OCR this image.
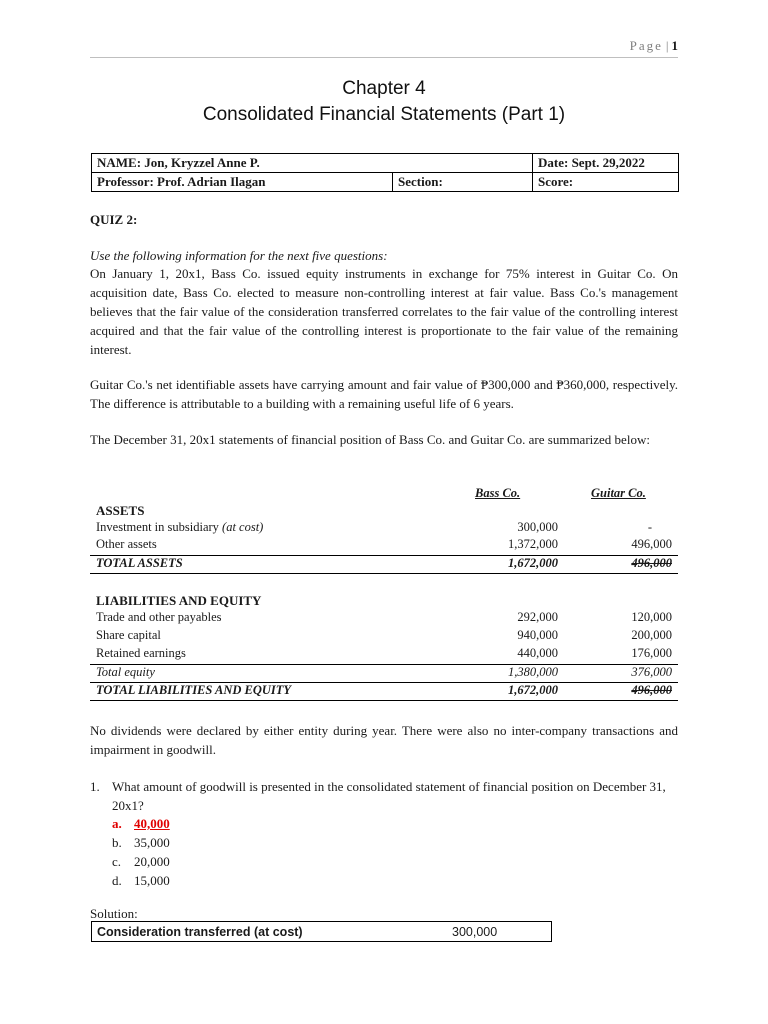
Page | 1
Chapter 4
Consolidated Financial Statements (Part 1)
NAME: Jon, Kryzzel Anne P.		Date: Sept. 29,2022
Professor: Prof. Adrian Ilagan	Section:	Score:
QUIZ 2:
Use the following information for the next five questions:
On January 1, 20x1, Bass Co. issued equity instruments in exchange for 75% interest in Guitar Co. On acquisition date, Bass Co. elected to measure non-controlling interest at fair value. Bass Co.'s management believes that the fair value of the consideration transferred correlates to the fair value of the controlling interest acquired and that the fair value of the controlling interest is proportionate to the fair value of the remaining interest.
Guitar Co.'s net identifiable assets have carrying amount and fair value of ₱300,000 and ₱360,000, respectively. The difference is attributable to a building with a remaining useful life of 6 years.
The December 31, 20x1 statements of financial position of Bass Co. and Guitar Co. are summarized below:
Bass Co.	Guitar Co.
ASSETS
Investment in subsidiary (at cost)	300,000	-
Other assets	1,372,000	496,000
TOTAL ASSETS	1,672,000	496,000
LIABILITIES AND EQUITY
Trade and other payables	292,000	120,000
Share capital	940,000	200,000
Retained earnings	440,000	176,000
Total equity	1,380,000	376,000
TOTAL LIABILITIES AND EQUITY	1,672,000	496,000
No dividends were declared by either entity during year. There were also no inter-company transactions and impairment in goodwill.
1. What amount of goodwill is presented in the consolidated statement of financial position on December 31, 20x1?
a. 40,000
b. 35,000
c. 20,000
d. 15,000
Solution:
Consideration transferred (at cost)	300,000
